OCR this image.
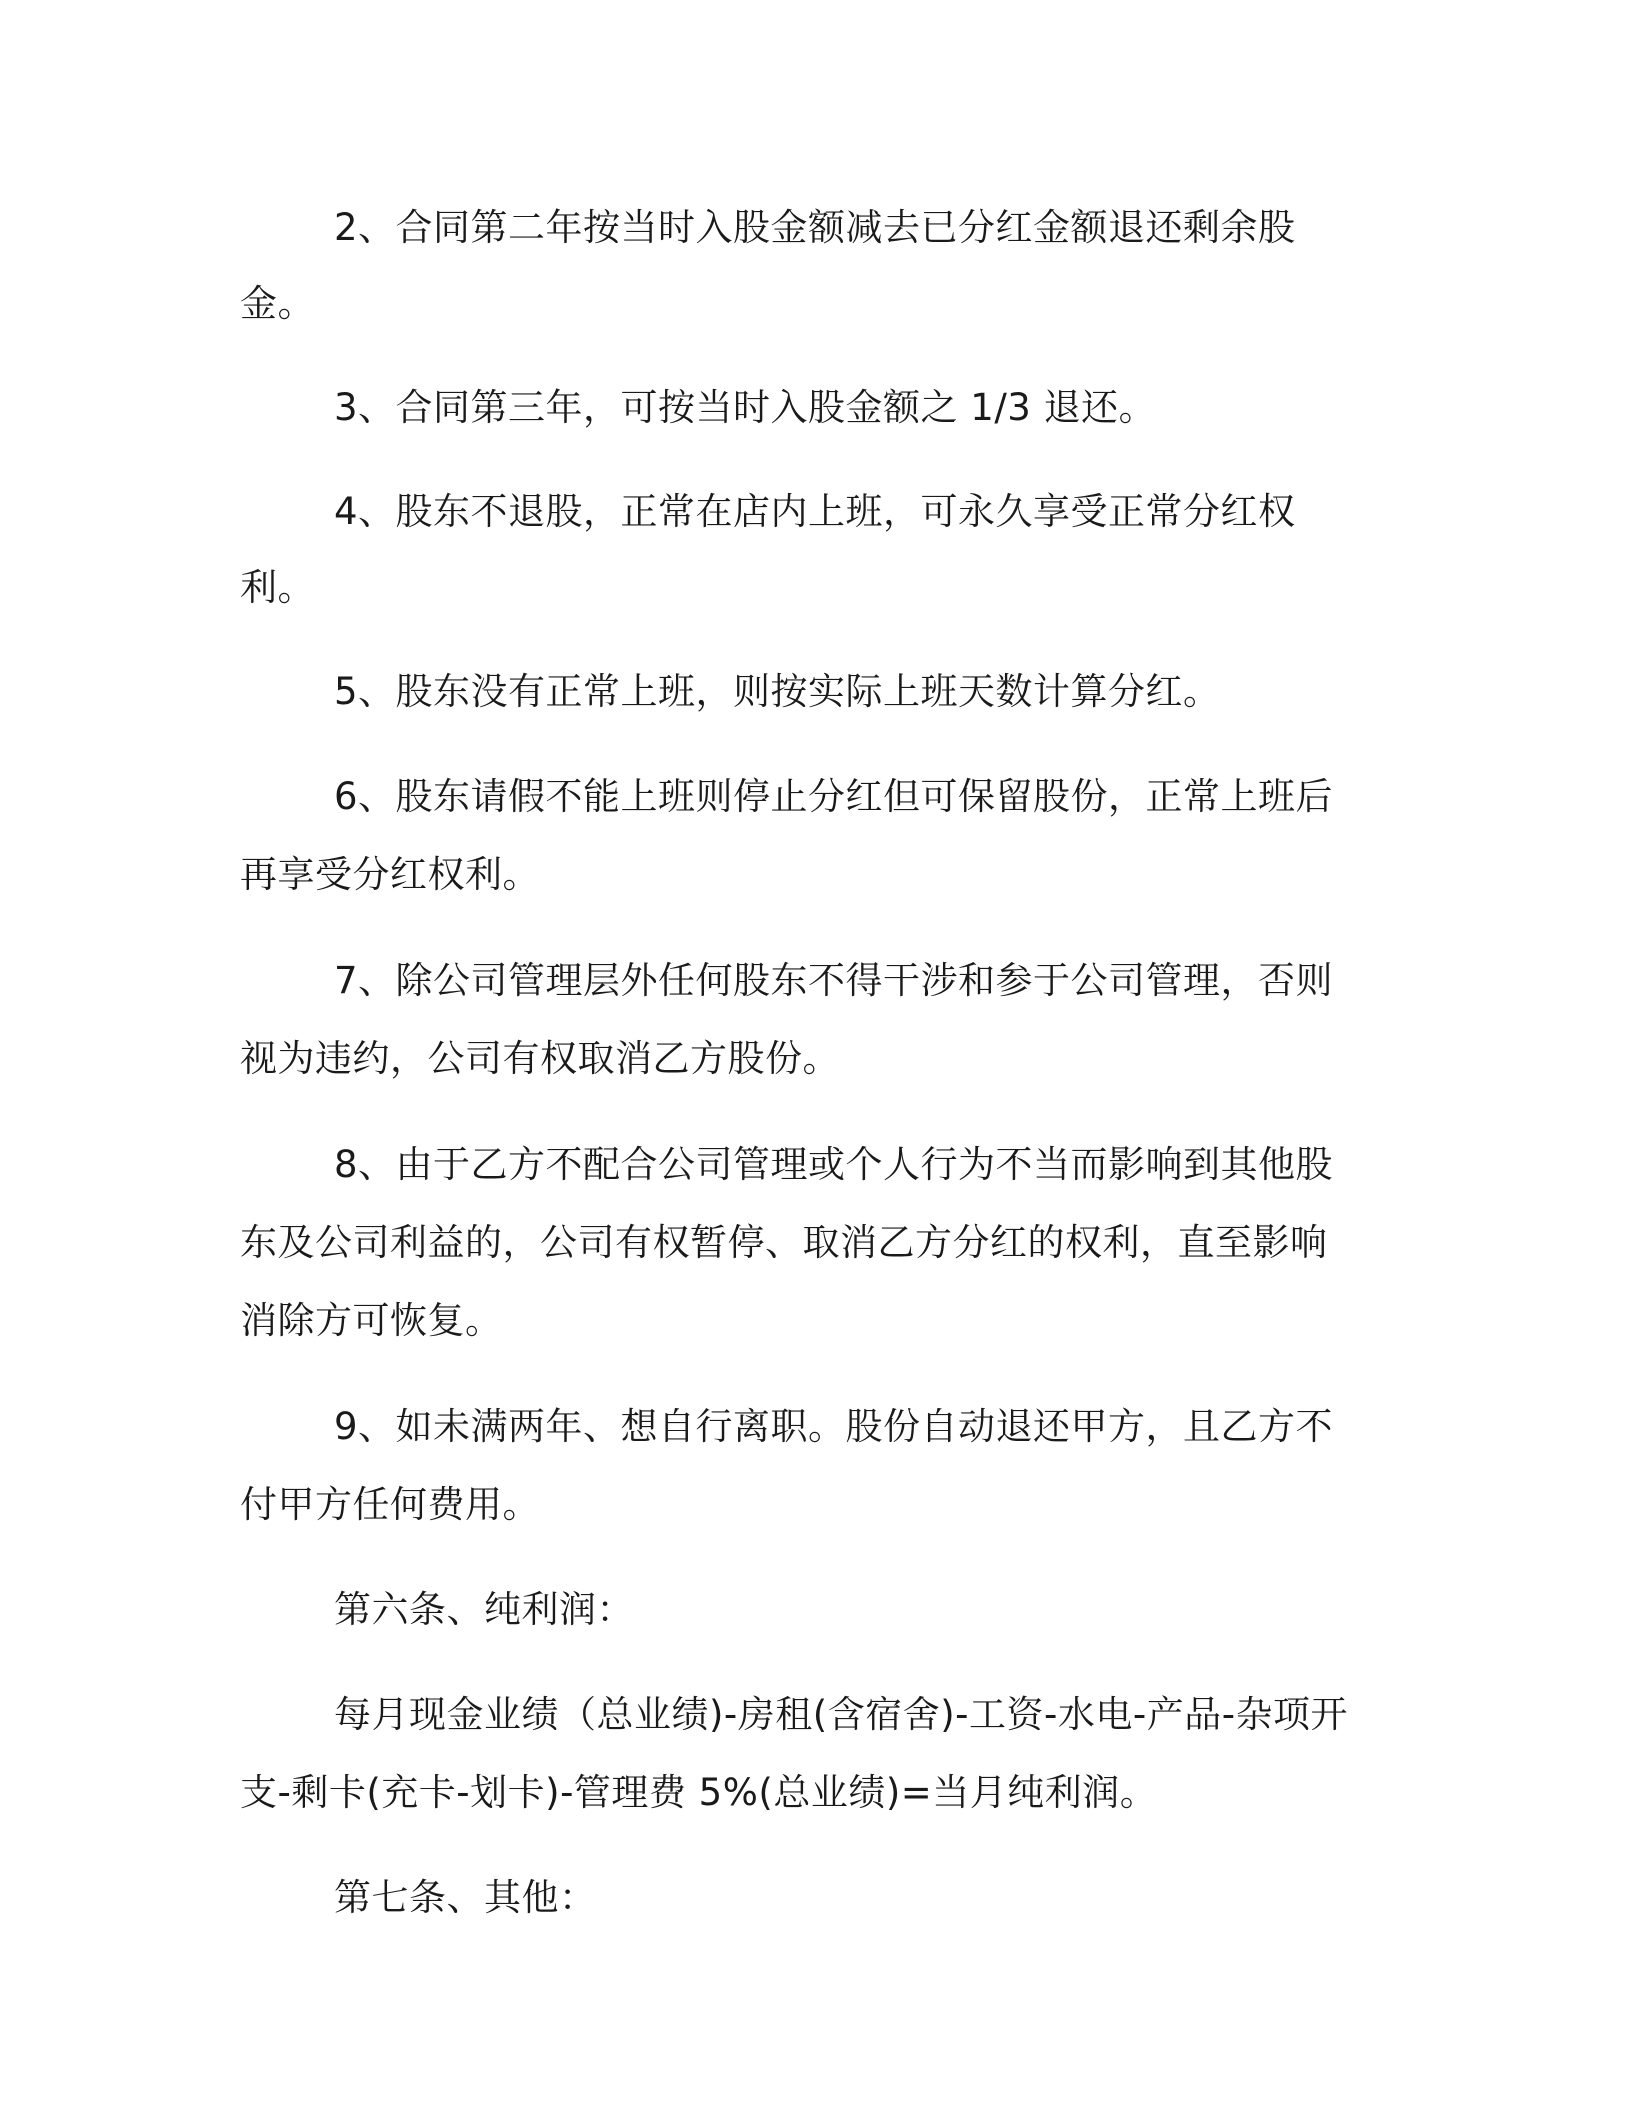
2、合同第二年按当时入股金额减去已分红金额退还剩余股金。

3、合同第三年，可按当时入股金额之 1/3 退还。

4、股东不退股，正常在店内上班，可永久享受正常分红权利。

5、股东没有正常上班，则按实际上班天数计算分红。

6、股东请假不能上班则停止分红但可保留股份，正常上班后再享受分红权利。

7、除公司管理层外任何股东不得干涉和参于公司管理，否则视为违约，公司有权取消乙方股份。

8、由于乙方不配合公司管理或个人行为不当而影响到其他股东及公司利益的，公司有权暂停、取消乙方分红的权利，直至影响消除方可恢复。

9、如未满两年、想自行离职。股份自动退还甲方，且乙方不付甲方任何费用。

第六条、纯利润：

每月现金业绩（总业绩)-房租(含宿舍)-工资-水电-产品-杂项开支-剩卡(充卡-划卡)-管理费 5%(总业绩)=当月纯利润。

第七条、其他：
